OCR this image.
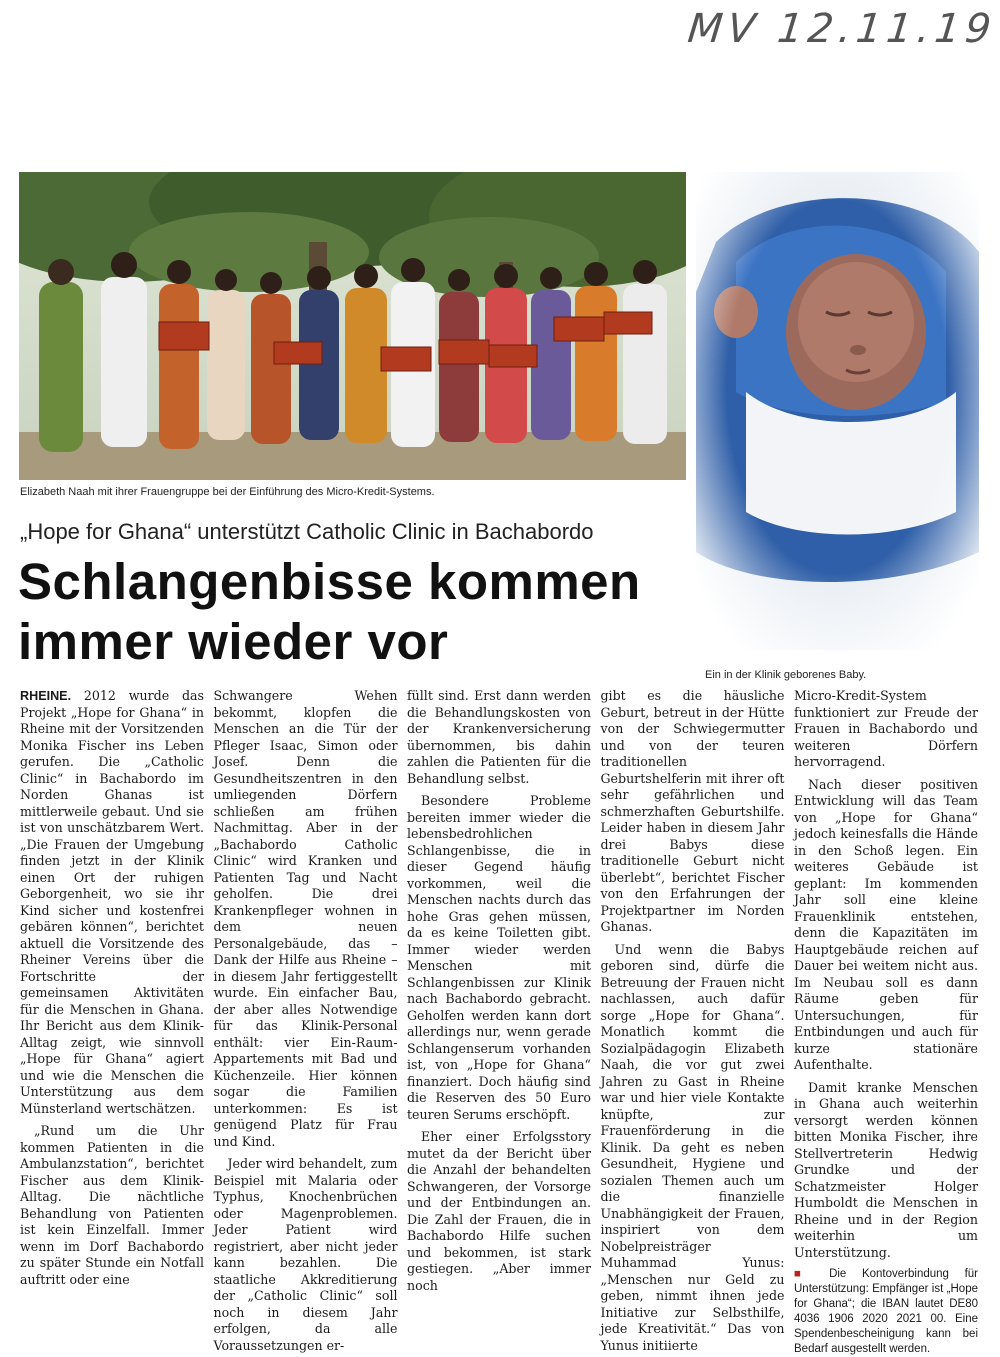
MV 12.11.19
Elizabeth Naah mit ihrer Frauengruppe bei der Einführung des Micro-Kredit-Systems.
Ein in der Klinik geborenes Baby.
„Hope for Ghana“ unterstützt Catholic Clinic in Bachabordo
Schlangenbisse kommen immer wieder vor

RHEINE. 2012 wurde das Projekt „Hope for Ghana“ in Rheine mit der Vorsitzenden Monika Fischer ins Leben gerufen. Die „Catholic Clinic“ in Bachabordo im Norden Ghanas ist mittlerweile gebaut. Und sie ist von unschätzbarem Wert. „Die Frauen der Umgebung finden jetzt in der Klinik einen Ort der ruhigen Geborgenheit, wo sie ihr Kind sicher und kostenfrei gebären können“, berichtet aktuell die Vorsitzende des Rheiner Vereins über die Fortschritte der gemeinsamen Aktivitäten für die Menschen in Ghana. Ihr Bericht aus dem Klinik-Alltag zeigt, wie sinnvoll „Hope für Ghana“ agiert und wie die Menschen die Unterstützung aus dem Münsterland wertschätzen.

„Rund um die Uhr kommen Patienten in die Ambulanzstation“, berichtet Fischer aus dem Klinik-Alltag. Die nächtliche Behandlung von Patienten ist kein Einzelfall. Immer wenn im Dorf Bachabordo zu später Stunde ein Notfall auftritt oder eine

Schwangere Wehen bekommt, klopfen die Menschen an die Tür der Pfleger Isaac, Simon oder Josef. Denn die Gesundheitszentren in den umliegenden Dörfern schließen am frühen Nachmittag. Aber in der „Bachabordo Catholic Clinic“ wird Kranken und Patienten Tag und Nacht geholfen. Die drei Krankenpfleger wohnen in dem neuen Personalgebäude, das – Dank der Hilfe aus Rheine – in diesem Jahr fertiggestellt wurde. Ein einfacher Bau, der aber alles Notwendige für das Klinik-Personal enthält: vier Ein-Raum-Appartements mit Bad und Küchenzeile. Hier können sogar die Familien unterkommen: Es ist genügend Platz für Frau und Kind.

Jeder wird behandelt, zum Beispiel mit Malaria oder Typhus, Knochenbrüchen oder Magenproblemen. Jeder Patient wird registriert, aber nicht jeder kann bezahlen. Die staatliche Akkreditierung der „Catholic Clinic“ soll noch in diesem Jahr erfolgen, da alle Voraussetzungen er-

füllt sind. Erst dann werden die Behandlungskosten von der Krankenversicherung übernommen, bis dahin zahlen die Patienten für die Behandlung selbst.

Besondere Probleme bereiten immer wieder die lebensbedrohlichen Schlangenbisse, die in dieser Gegend häufig vorkommen, weil die Menschen nachts durch das hohe Gras gehen müssen, da es keine Toiletten gibt. Immer wieder werden Menschen mit Schlangenbissen zur Klinik nach Bachabordo gebracht. Geholfen werden kann dort allerdings nur, wenn gerade Schlangenserum vorhanden ist, von „Hope for Ghana“ finanziert. Doch häufig sind die Reserven des 50 Euro teuren Serums erschöpft.

Eher einer Erfolgsstory mutet da der Bericht über die Anzahl der behandelten Schwangeren, der Vorsorge und der Entbindungen an. Die Zahl der Frauen, die in Bachabordo Hilfe suchen und bekommen, ist stark gestiegen. „Aber immer noch

gibt es die häusliche Geburt, betreut in der Hütte von der Schwiegermutter und von der teuren traditionellen Geburtshelferin mit ihrer oft sehr gefährlichen und schmerzhaften Geburtshilfe. Leider haben in diesem Jahr drei Babys diese traditionelle Geburt nicht überlebt“, berichtet Fischer von den Erfahrungen der Projektpartner im Norden Ghanas.

Und wenn die Babys geboren sind, dürfe die Betreuung der Frauen nicht nachlassen, auch dafür sorge „Hope for Ghana“. Monatlich kommt die Sozialpädagogin Elizabeth Naah, die vor gut zwei Jahren zu Gast in Rheine war und hier viele Kontakte knüpfte, zur Frauenförderung in die Klinik. Da geht es neben Gesundheit, Hygiene und sozialen Themen auch um die finanzielle Unabhängigkeit der Frauen, inspiriert von dem Nobelpreisträger Muhammad Yunus: „Menschen nur Geld zu geben, nimmt ihnen jede Initiative zur Selbsthilfe, jede Kreativität.“ Das von Yunus initiierte

Micro-Kredit-System funktioniert zur Freude der Frauen in Bachabordo und weiteren Dörfern hervorragend.

Nach dieser positiven Entwicklung will das Team von „Hope for Ghana“ jedoch keinesfalls die Hände in den Schoß legen. Ein weiteres Gebäude ist geplant: Im kommenden Jahr soll eine kleine Frauenklinik entstehen, denn die Kapazitäten im Hauptgebäude reichen auf Dauer bei weitem nicht aus. Im Neubau soll es dann Räume geben für Untersuchungen, für Entbindungen und auch für kurze stationäre Aufenthalte.

Damit kranke Menschen in Ghana auch weiterhin versorgt werden können bitten Monika Fischer, ihre Stellvertreterin Hedwig Grundke und der Schatzmeister Holger Humboldt die Menschen in Rheine und in der Region weiterhin um Unterstützung.

■ Die Kontoverbindung für Unterstützung: Empfänger ist „Hope for Ghana“; die IBAN lautet DE80 4036 1906 2020 2021 00. Eine Spendenbescheinigung kann bei Bedarf ausgestellt werden.
